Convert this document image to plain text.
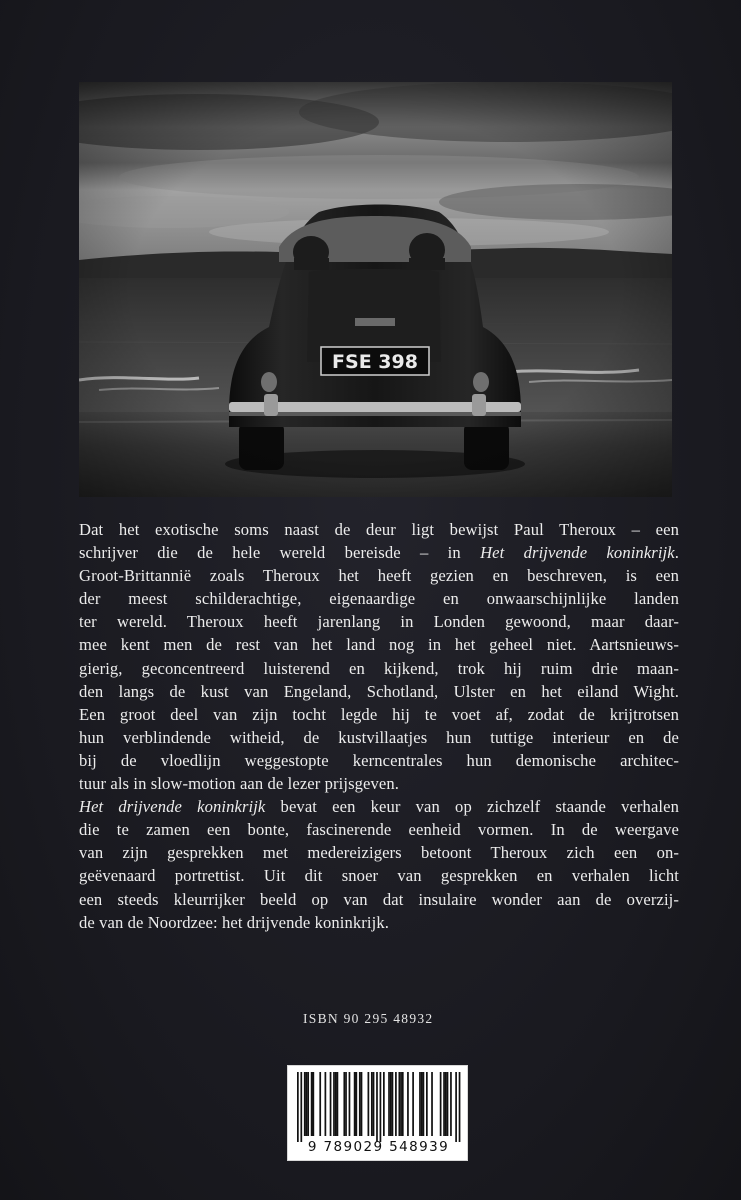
Dat het exotische soms naast de deur ligt bewijst Paul Theroux – een
schrijver die de hele wereld bereisde – in Het drijvende koninkrijk.
Groot-Brittannië zoals Theroux het heeft gezien en beschreven, is een
der meest schilderachtige, eigenaardige en onwaarschijnlijke landen
ter wereld. Theroux heeft jarenlang in Londen gewoond, maar daar-
mee kent men de rest van het land nog in het geheel niet. Aartsnieuws-
gierig, geconcentreerd luisterend en kijkend, trok hij ruim drie maan-
den langs de kust van Engeland, Schotland, Ulster en het eiland Wight.
Een groot deel van zijn tocht legde hij te voet af, zodat de krijtrotsen
hun verblindende witheid, de kustvillaatjes hun tuttige interieur en de
bij de vloedlijn weggestopte kerncentrales hun demonische architec-
tuur als in slow-motion aan de lezer prijsgeven.
Het drijvende koninkrijk bevat een keur van op zichzelf staande verhalen
die te zamen een bonte, fascinerende eenheid vormen. In de weergave
van zijn gesprekken met medereizigers betoont Theroux zich een on-
geëvenaard portrettist. Uit dit snoer van gesprekken en verhalen licht
een steeds kleurrijker beeld op van dat insulaire wonder aan de overzij-
de van de Noordzee: het drijvende koninkrijk.
ISBN 90 295 48932
9 789029 548939
